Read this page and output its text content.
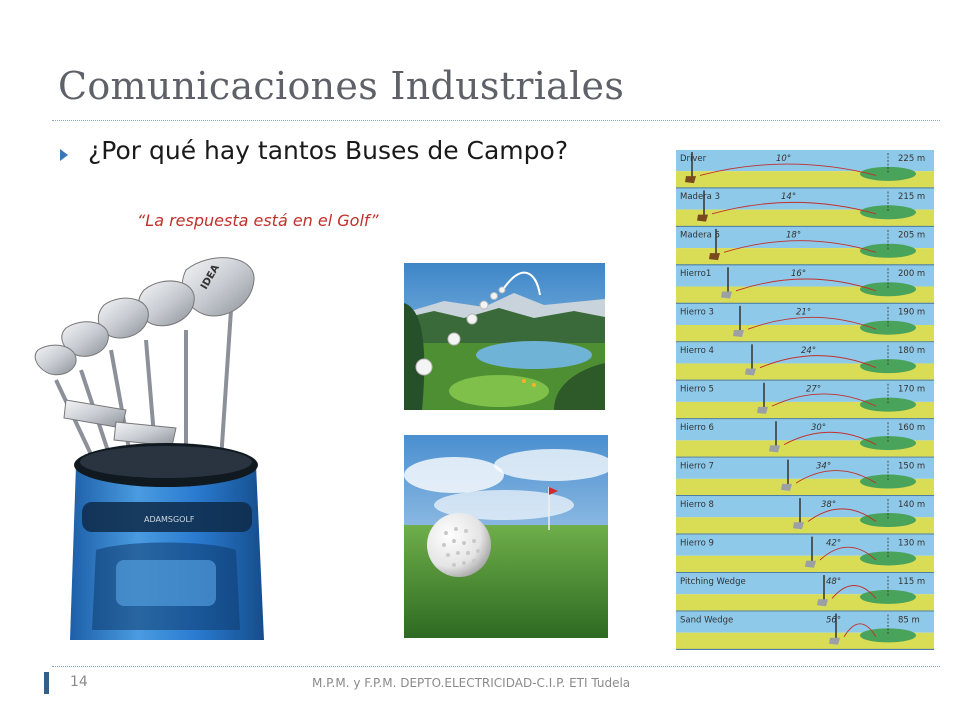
Comunicaciones Industriales
¿Por qué hay tantos Buses de Campo?
“La respuesta está en el Golf”
IDEA
ADAMSGOLF
Driver	10°	225 m
Madera 3	14°	215 m
Madera 5	18°	205 m
Hierro1	16°	200 m
Hierro 3	21°	190 m
Hierro 4	24°	180 m
Hierro 5	27°	170 m
Hierro 6	30°	160 m
Hierro 7	34°	150 m
Hierro 8	38°	140 m
Hierro 9	42°	130 m
Pitching Wedge	48°	115 m
Sand Wedge	56°	85 m
14	M.P.M. y F.P.M. DEPTO.ELECTRICIDAD-C.I.P. ETI Tudela
